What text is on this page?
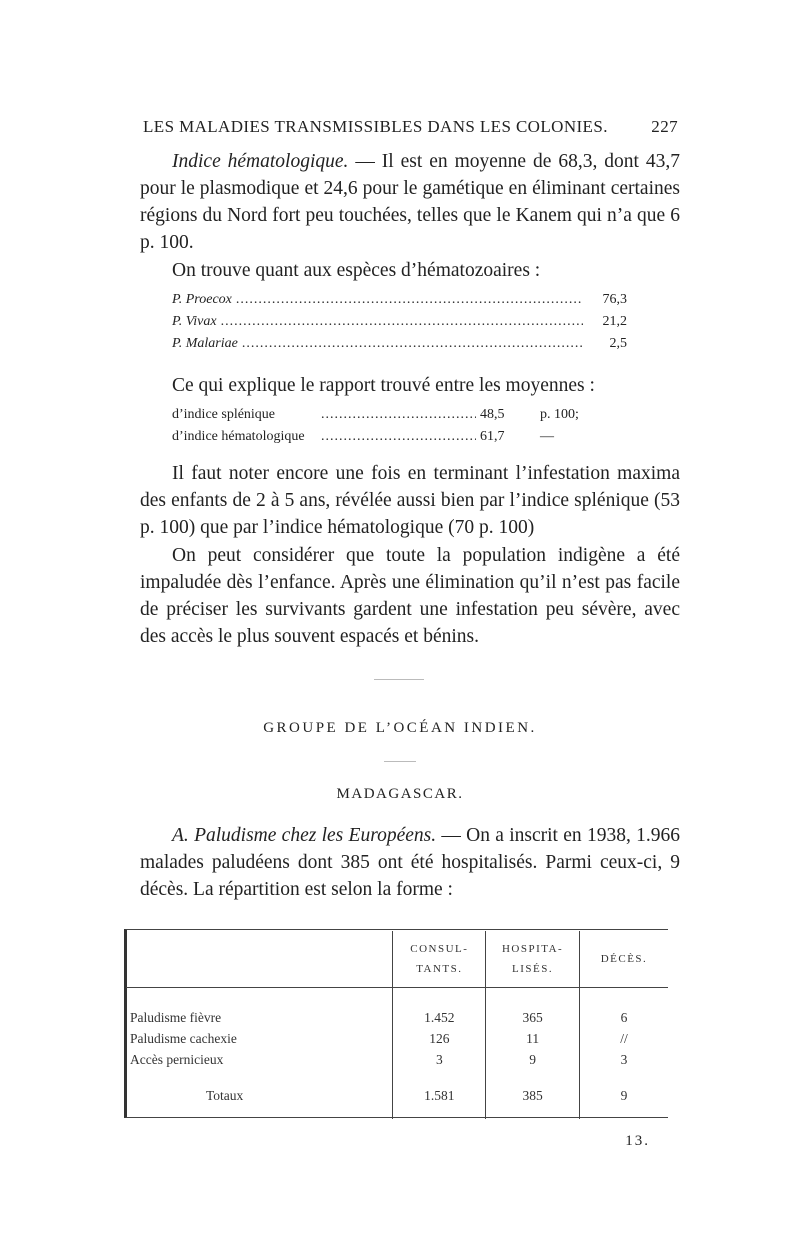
LES MALADIES TRANSMISSIBLES DANS LES COLONIES.	227
Indice hématologique. — Il est en moyenne de 68,3, dont 43,7 pour le plasmodique et 24,6 pour le gamétique en éliminant certaines régions du Nord fort peu touchées, telles que le Kanem qui n’a que 6 p. 100.
On trouve quant aux espèces d’hématozoaires :
P. Proecox .....	76,3
P. Vivax .....	21,2
P. Malariae .....	2,5
Ce qui explique le rapport trouvé entre les moyennes :
d’indice splénique .....	48,5	p. 100;
d’indice hématologique .....	61,7	—
Il faut noter encore une fois en terminant l’infestation maxima des enfants de 2 à 5 ans, révélée aussi bien par l’indice splénique (53 p. 100) que par l’indice hématologique (70 p. 100)
On peut considérer que toute la population indigène a été impaludée dès l’enfance. Après une élimination qu’il n’est pas facile de préciser les survivants gardent une infestation peu sévère, avec des accès le plus souvent espacés et bénins.
GROUPE DE L’OCÉAN INDIEN.
MADAGASCAR.
A. Paludisme chez les Européens. — On a inscrit en 1938, 1.966 malades paludéens dont 385 ont été hospitalisés. Parmi ceux-ci, 9 décès. La répartition est selon la forme :
	CONSUL-TANTS.	HOSPITA-LISÉS.	DÉCÈS.
Paludisme fièvre	1.452	365	6
Paludisme cachexie	126	11	//
Accès pernicieux	3	9	3
Totaux	1.581	385	9
13.
